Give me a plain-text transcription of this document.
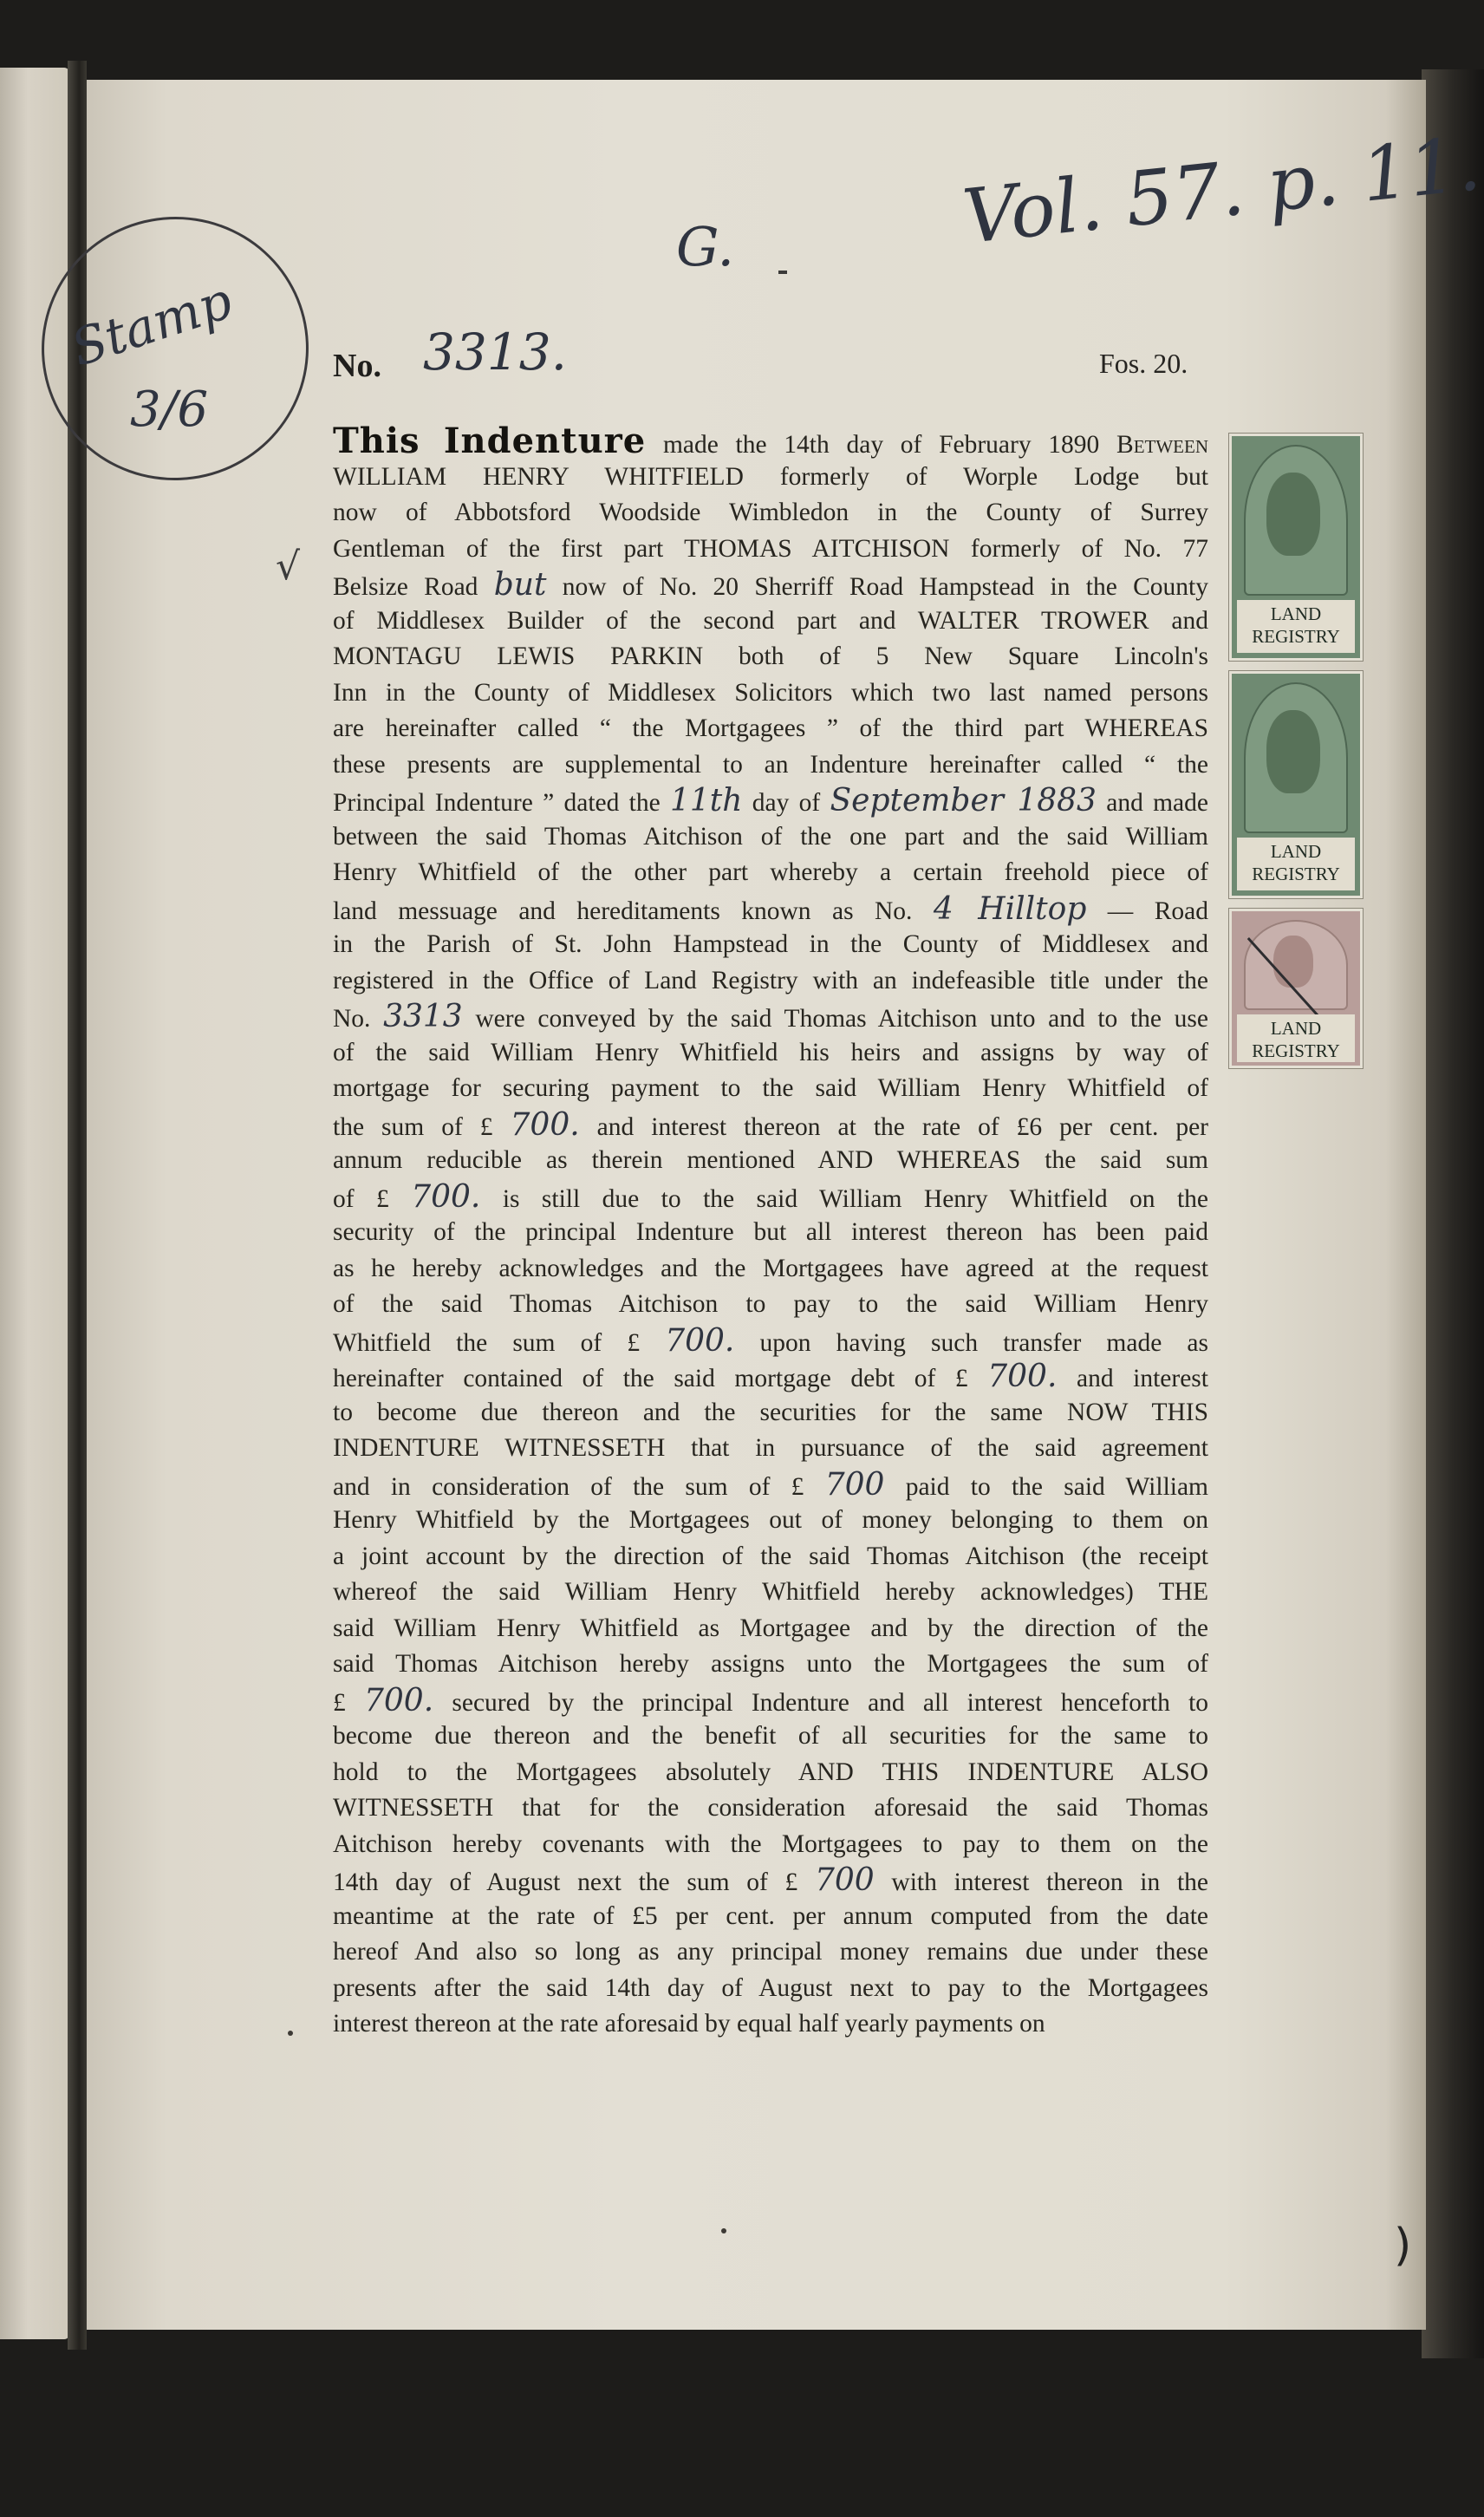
Stamp
3/6
√
Vol. 57. p. 11.
G.
No. 3313.	Fos. 20.
This Indenture made the 14th day of February 1890 Between
WILLIAM HENRY WHITFIELD formerly of Worple Lodge but
now of Abbotsford Woodside Wimbledon in the County of Surrey
Gentleman of the first part THOMAS AITCHISON formerly of No. 77
Belsize Road but now of No. 20 Sherriff Road Hampstead in the County
of Middlesex Builder of the second part and WALTER TROWER and
MONTAGU LEWIS PARKIN both of 5 New Square Lincoln's
Inn in the County of Middlesex Solicitors which two last named persons
are hereinafter called “ the Mortgagees ” of the third part WHEREAS
these presents are supplemental to an Indenture hereinafter called “ the
Principal Indenture ” dated the 11th day of September 1883 and made
between the said Thomas Aitchison of the one part and the said William
Henry Whitfield of the other part whereby a certain freehold piece of
land messuage and hereditaments known as No. 4 Hilltop — Road
in the Parish of St. John Hampstead in the County of Middlesex and
registered in the Office of Land Registry with an indefeasible title under the
No. 3313 were conveyed by the said Thomas Aitchison unto and to the use
of the said William Henry Whitfield his heirs and assigns by way of
mortgage for securing payment to the said William Henry Whitfield of
the sum of £ 700. and interest thereon at the rate of £6 per cent. per
annum reducible as therein mentioned AND WHEREAS the said sum
of £ 700. is still due to the said William Henry Whitfield on the
security of the principal Indenture but all interest thereon has been paid
as he hereby acknowledges and the Mortgagees have agreed at the request
of the said Thomas Aitchison to pay to the said William Henry
Whitfield the sum of £ 700. upon having such transfer made as
hereinafter contained of the said mortgage debt of £ 700. and interest
to become due thereon and the securities for the same NOW THIS
INDENTURE WITNESSETH that in pursuance of the said agreement
and in consideration of the sum of £ 700 paid to the said William
Henry Whitfield by the Mortgagees out of money belonging to them on
a joint account by the direction of the said Thomas Aitchison (the receipt
whereof the said William Henry Whitfield hereby acknowledges) THE
said William Henry Whitfield as Mortgagee and by the direction of the
said Thomas Aitchison hereby assigns unto the Mortgagees the sum of
£ 700. secured by the principal Indenture and all interest henceforth to
become due thereon and the benefit of all securities for the same to
hold to the Mortgagees absolutely AND THIS INDENTURE ALSO
WITNESSETH that for the consideration aforesaid the said Thomas
Aitchison hereby covenants with the Mortgagees to pay to them on the
14th day of August next the sum of £ 700 with interest thereon in the
meantime at the rate of £5 per cent. per annum computed from the date
hereof And also so long as any principal money remains due under these
presents after the said 14th day of August next to pay to the Mortgagees
interest thereon at the rate aforesaid by equal half yearly payments on
LAND
REGISTRY
LAND
REGISTRY
LAND
REGISTRY
)
